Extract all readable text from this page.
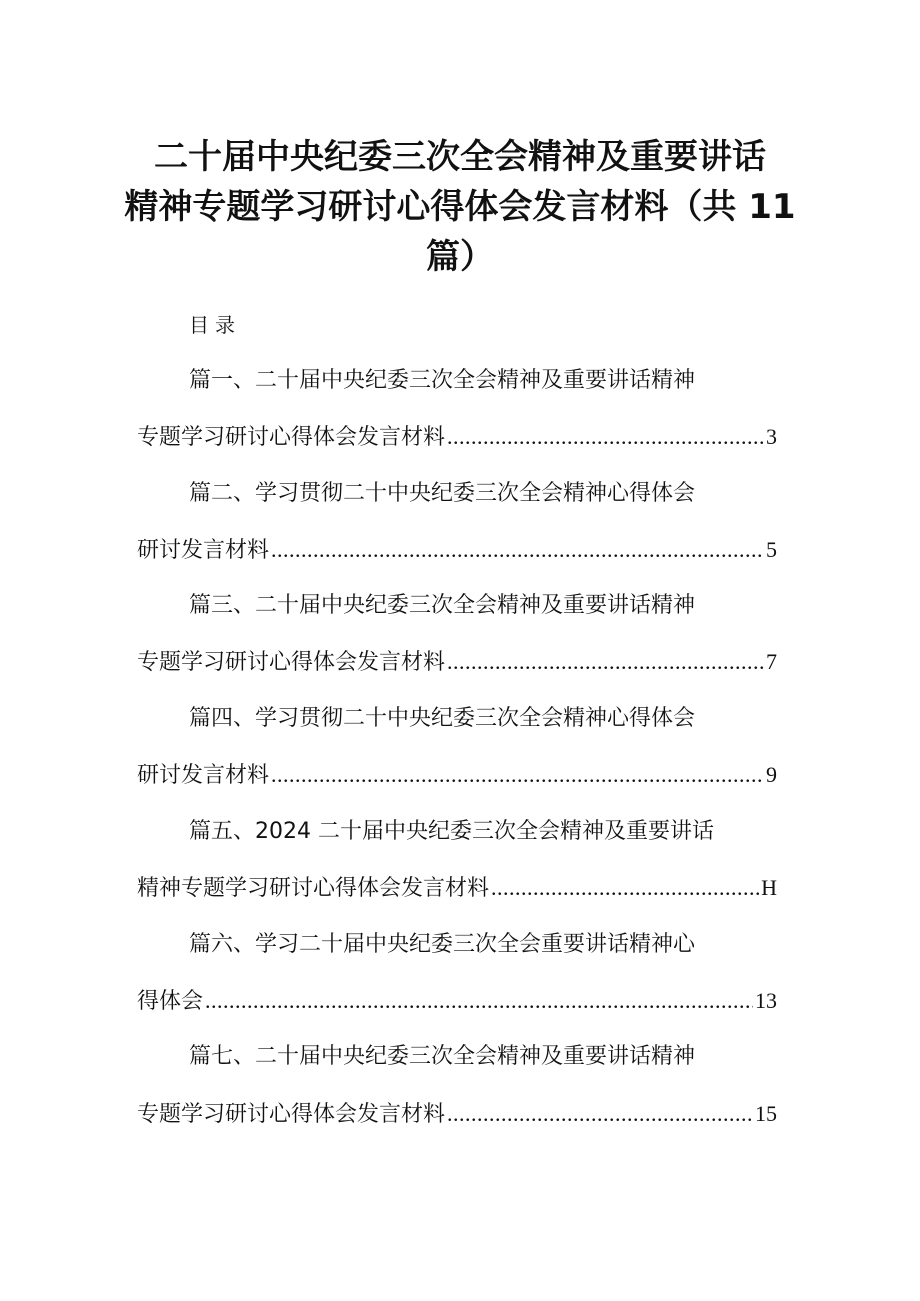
二十届中央纪委三次全会精神及重要讲话
精神专题学习研讨心得体会发言材料（共 11
篇）
目录
篇一、二十届中央纪委三次全会精神及重要讲话精神
专题学习研讨心得体会发言材料 .....	3
篇二、学习贯彻二十中央纪委三次全会精神心得体会
研讨发言材料 .....	5
篇三、二十届中央纪委三次全会精神及重要讲话精神
专题学习研讨心得体会发言材料 .....	7
篇四、学习贯彻二十中央纪委三次全会精神心得体会
研讨发言材料 .....	9
篇五、2024 二十届中央纪委三次全会精神及重要讲话
精神专题学习研讨心得体会发言材料 .....	H
篇六、学习二十届中央纪委三次全会重要讲话精神心
得体会 .....	13
篇七、二十届中央纪委三次全会精神及重要讲话精神
专题学习研讨心得体会发言材料 .....	15
